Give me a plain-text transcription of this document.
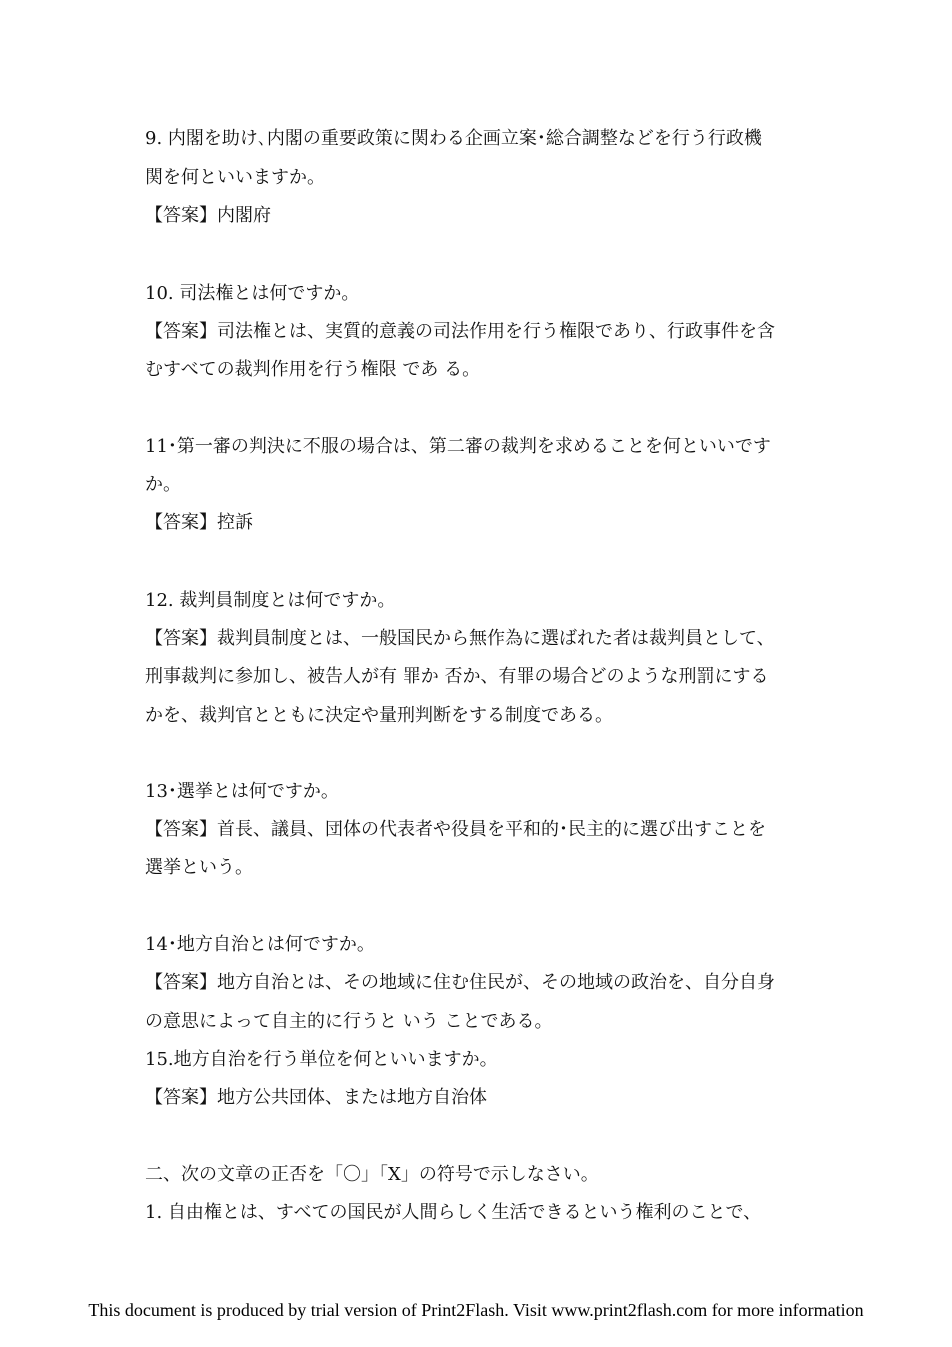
9. 内閣を助け､内閣の重要政策に関わる企画立案･総合調整などを行う行政機
関を何といいますか｡
【答案】内閣府
10. 司法権とは何ですか｡
【答案】司法権とは、実質的意義の司法作用を行う権限であり、行政事件を含
むすべての裁判作用を行う権限 であ る｡
11･第一審の判決に不服の場合は、第二審の裁判を求めることを何といいです
か｡
【答案】控訴
12. 裁判員制度とは何ですか｡
【答案】裁判員制度とは、一般国民から無作為に選ばれた者は裁判員として、
刑事裁判に参加し、被告人が有 罪か 否か、有罪の場合どのような刑罰にする
かを、裁判官とともに決定や量刑判断をする制度である｡
13･選挙とは何ですか｡
【答案】首長、議員、団体の代表者や役員を平和的･民主的に選び出すことを
選挙という｡
14･地方自治とは何ですか｡
【答案】地方自治とは、その地域に住む住民が、その地域の政治を、自分自身
の意思によって自主的に行うと いう ことである｡
15.地方自治を行う単位を何といいますか｡
【答案】地方公共団体、または地方自治体
二、次の文章の正否を「〇」「X」の符号で示しなさい｡
1. 自由権とは、すべての国民が人間らしく生活できるという権利のことで、
This document is produced by trial version of Print2Flash. Visit www.print2flash.com for more information
